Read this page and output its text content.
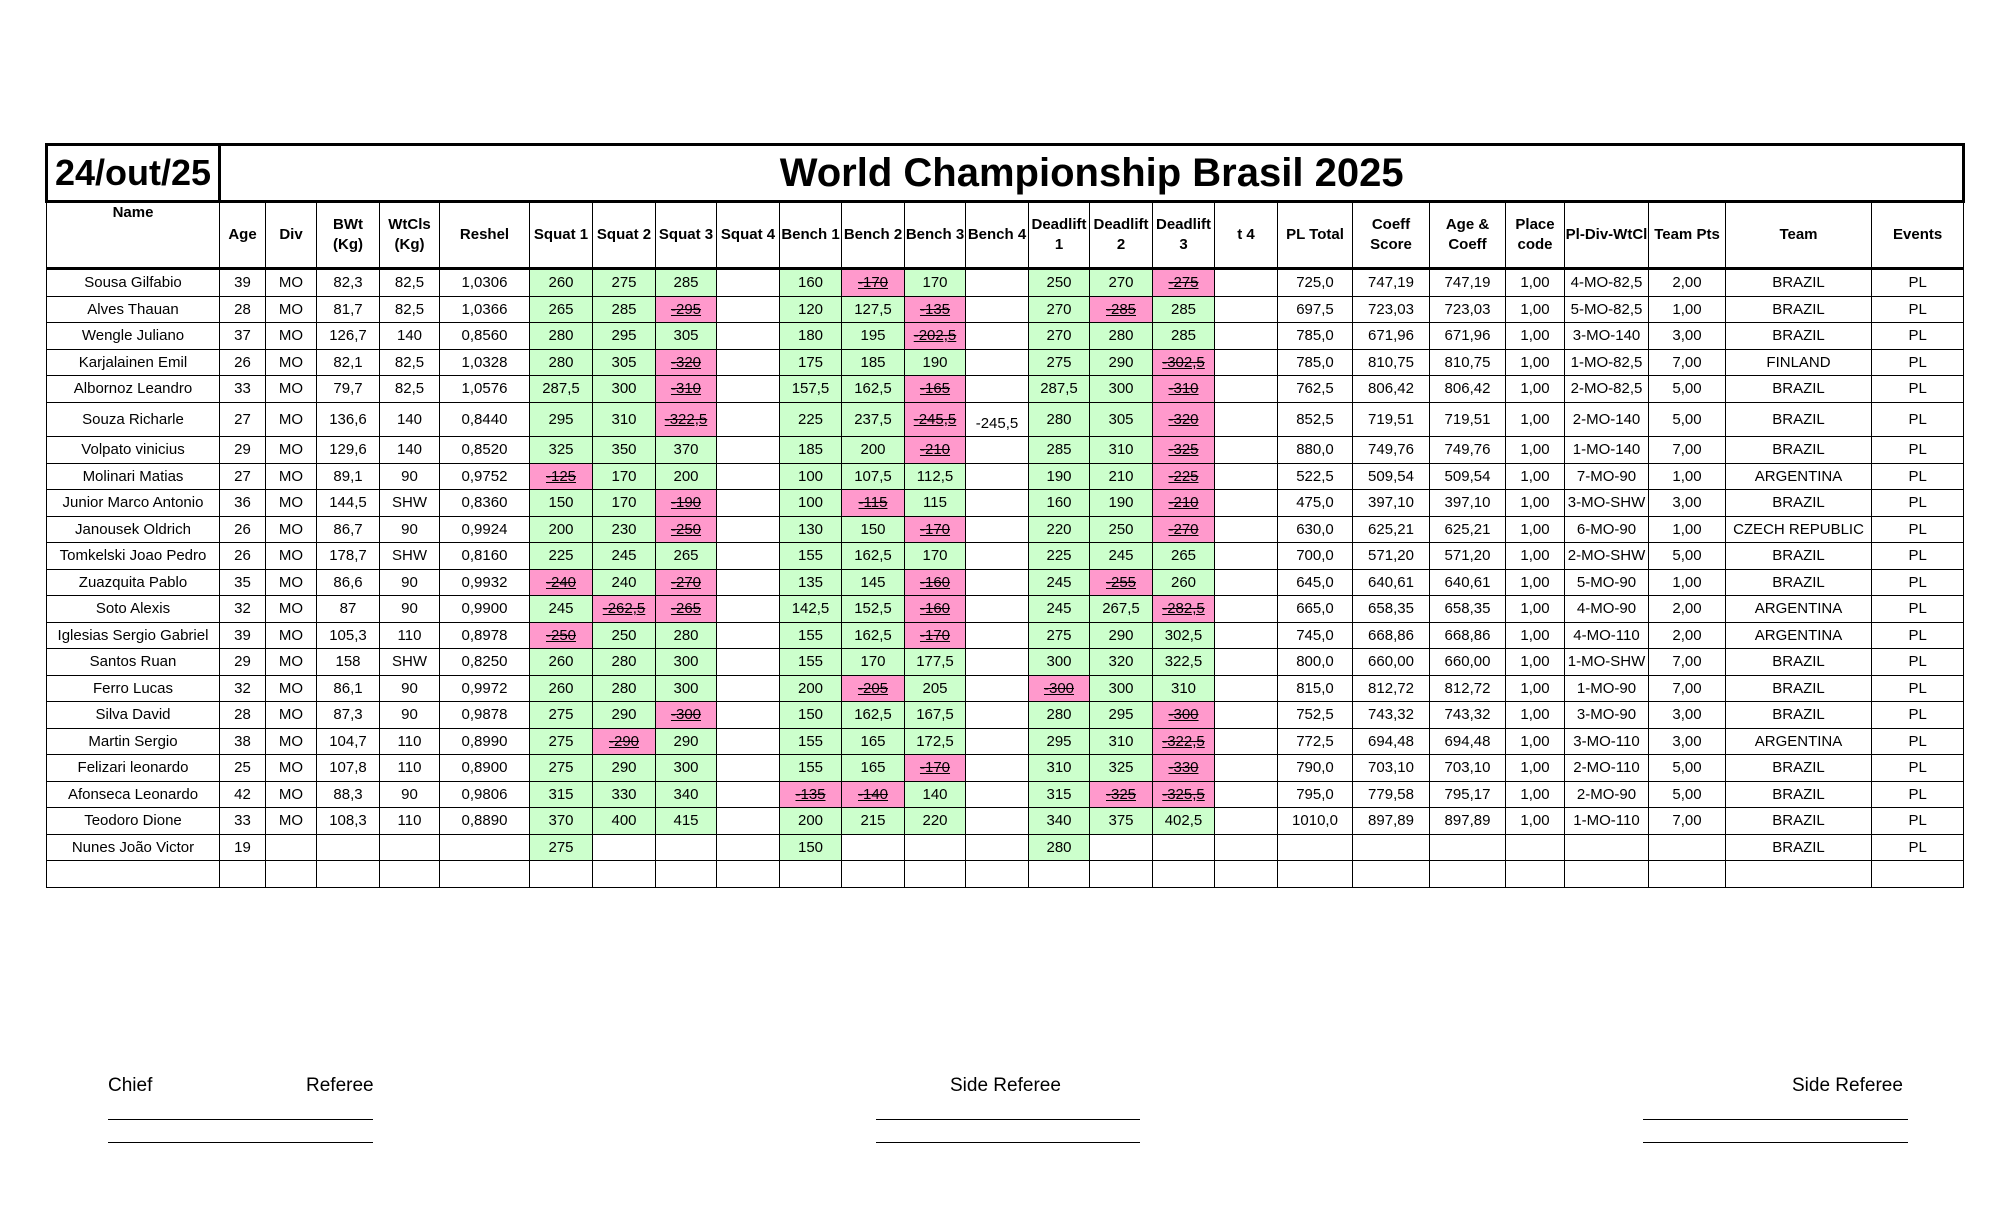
24/out/25	World Championship Brasil 2025																								
Name	Age	Div	BWt (Kg)	WtCls (Kg)	Reshel	Squat 1	Squat 2	Squat 3	Squat 4	Bench 1	Bench 2	Bench 3	Bench 4	Deadlift 1	Deadlift 2	Deadlift 3	t 4	PL Total	Coeff Score	Age & Coeff	Place code	Pl-Div-WtCl	Team Pts	Team	Events
Sousa Gilfabio	39	MO	82,3	82,5	1,0306	260	275	285		160	-170	170		250	270	-275		725,0	747,19	747,19	1,00	4-MO-82,5	2,00	BRAZIL	PL
Alves Thauan	28	MO	81,7	82,5	1,0366	265	285	-295		120	127,5	-135		270	-285	285		697,5	723,03	723,03	1,00	5-MO-82,5	1,00	BRAZIL	PL
Wengle Juliano	37	MO	126,7	140	0,8560	280	295	305		180	195	-202,5		270	280	285		785,0	671,96	671,96	1,00	3-MO-140	3,00	BRAZIL	PL
Karjalainen Emil	26	MO	82,1	82,5	1,0328	280	305	-320		175	185	190		275	290	-302,5		785,0	810,75	810,75	1,00	1-MO-82,5	7,00	FINLAND	PL
Albornoz Leandro	33	MO	79,7	82,5	1,0576	287,5	300	-310		157,5	162,5	-165		287,5	300	-310		762,5	806,42	806,42	1,00	2-MO-82,5	5,00	BRAZIL	PL
Souza Richarle	27	MO	136,6	140	0,8440	295	310	-322,5		225	237,5	-245,5	-245,5	280	305	-320		852,5	719,51	719,51	1,00	2-MO-140	5,00	BRAZIL	PL
Volpato vinicius	29	MO	129,6	140	0,8520	325	350	370		185	200	-210		285	310	-325		880,0	749,76	749,76	1,00	1-MO-140	7,00	BRAZIL	PL
Molinari Matias	27	MO	89,1	90	0,9752	-125	170	200		100	107,5	112,5		190	210	-225		522,5	509,54	509,54	1,00	7-MO-90	1,00	ARGENTINA	PL
Junior Marco Antonio	36	MO	144,5	SHW	0,8360	150	170	-190		100	-115	115		160	190	-210		475,0	397,10	397,10	1,00	3-MO-SHW	3,00	BRAZIL	PL
Janousek Oldrich	26	MO	86,7	90	0,9924	200	230	-250		130	150	-170		220	250	-270		630,0	625,21	625,21	1,00	6-MO-90	1,00	CZECH REPUBLIC	PL
Tomkelski Joao Pedro	26	MO	178,7	SHW	0,8160	225	245	265		155	162,5	170		225	245	265		700,0	571,20	571,20	1,00	2-MO-SHW	5,00	BRAZIL	PL
Zuazquita Pablo	35	MO	86,6	90	0,9932	-240	240	-270		135	145	-160		245	-255	260		645,0	640,61	640,61	1,00	5-MO-90	1,00	BRAZIL	PL
Soto Alexis	32	MO	87	90	0,9900	245	-262,5	-265		142,5	152,5	-160		245	267,5	-282,5		665,0	658,35	658,35	1,00	4-MO-90	2,00	ARGENTINA	PL
Iglesias Sergio Gabriel	39	MO	105,3	110	0,8978	-250	250	280		155	162,5	-170		275	290	302,5		745,0	668,86	668,86	1,00	4-MO-110	2,00	ARGENTINA	PL
Santos Ruan	29	MO	158	SHW	0,8250	260	280	300		155	170	177,5		300	320	322,5		800,0	660,00	660,00	1,00	1-MO-SHW	7,00	BRAZIL	PL
Ferro Lucas	32	MO	86,1	90	0,9972	260	280	300		200	-205	205		-300	300	310		815,0	812,72	812,72	1,00	1-MO-90	7,00	BRAZIL	PL
Silva David	28	MO	87,3	90	0,9878	275	290	-300		150	162,5	167,5		280	295	-300		752,5	743,32	743,32	1,00	3-MO-90	3,00	BRAZIL	PL
Martin Sergio	38	MO	104,7	110	0,8990	275	-290	290		155	165	172,5		295	310	-322,5		772,5	694,48	694,48	1,00	3-MO-110	3,00	ARGENTINA	PL
Felizari leonardo	25	MO	107,8	110	0,8900	275	290	300		155	165	-170		310	325	-330		790,0	703,10	703,10	1,00	2-MO-110	5,00	BRAZIL	PL
Afonseca Leonardo	42	MO	88,3	90	0,9806	315	330	340		-135	-140	140		315	-325	-325,5		795,0	779,58	795,17	1,00	2-MO-90	5,00	BRAZIL	PL
Teodoro Dione	33	MO	108,3	110	0,8890	370	400	415		200	215	220		340	375	402,5		1010,0	897,89	897,89	1,00	1-MO-110	7,00	BRAZIL	PL
Nunes João Victor	19					275				150				280										BRAZIL	PL

Chief	Referee	Side Referee	Side Referee
